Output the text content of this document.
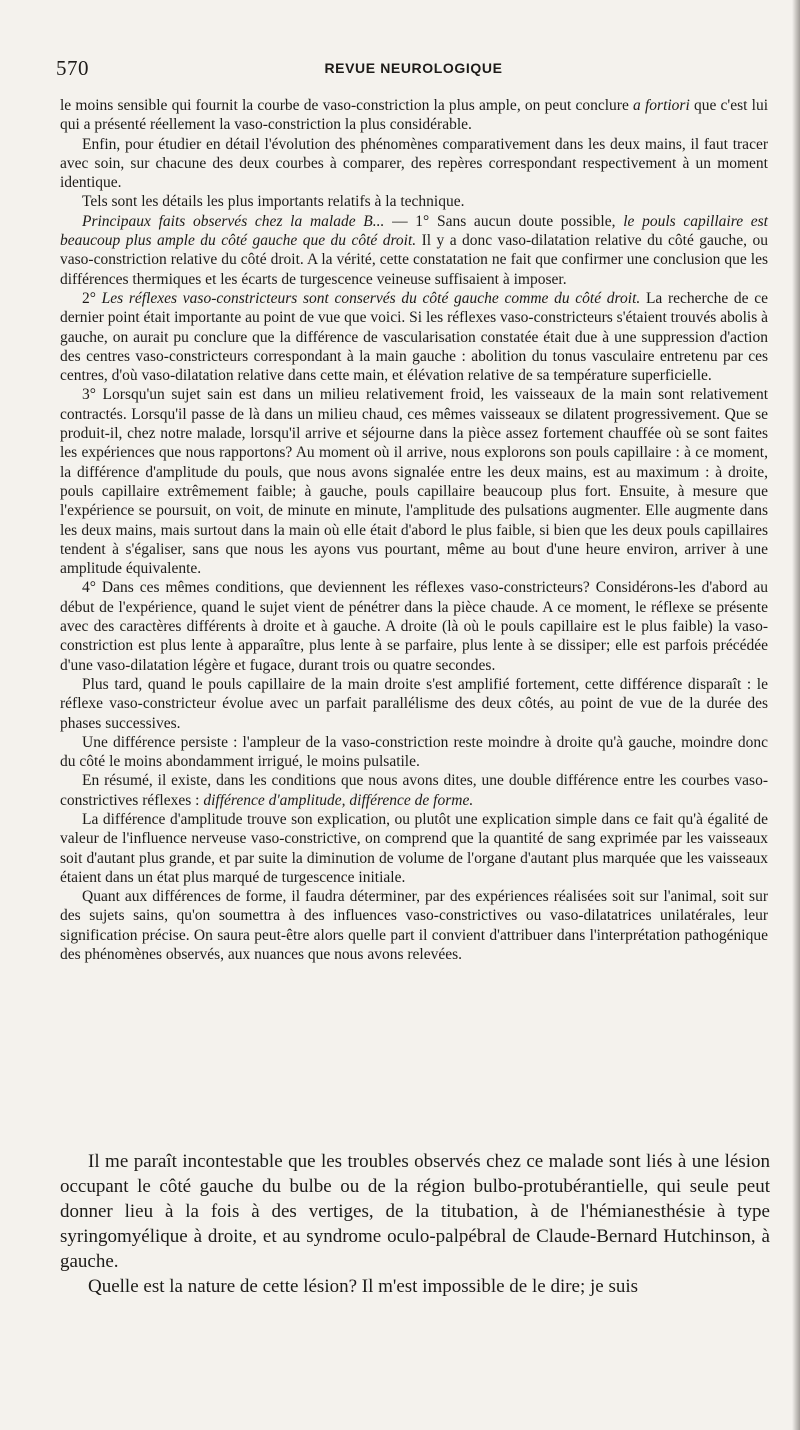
570	REVUE NEUROLOGIQUE

le moins sensible qui fournit la courbe de vaso-constriction la plus ample, on peut conclure a fortiori que c'est lui qui a présenté réellement la vaso-constriction la plus considérable.

Enfin, pour étudier en détail l'évolution des phénomènes comparativement dans les deux mains, il faut tracer avec soin, sur chacune des deux courbes à comparer, des repères correspondant respectivement à un moment identique.

Tels sont les détails les plus importants relatifs à la technique.

Principaux faits observés chez la malade B... — 1° Sans aucun doute possible, le pouls capillaire est beaucoup plus ample du côté gauche que du côté droit. Il y a donc vaso-dilatation relative du côté gauche, ou vaso-constriction relative du côté droit. A la vérité, cette constatation ne fait que confirmer une conclusion que les différences thermiques et les écarts de turgescence veineuse suffisaient à imposer.

2° Les réflexes vaso-constricteurs sont conservés du côté gauche comme du côté droit. La recherche de ce dernier point était importante au point de vue que voici. Si les réflexes vaso-constricteurs s'étaient trouvés abolis à gauche, on aurait pu conclure que la différence de vascularisation constatée était due à une suppression d'action des centres vaso-constricteurs correspondant à la main gauche : abolition du tonus vasculaire entretenu par ces centres, d'où vaso-dilatation relative dans cette main, et élévation relative de sa température superficielle.

3° Lorsqu'un sujet sain est dans un milieu relativement froid, les vaisseaux de la main sont relativement contractés. Lorsqu'il passe de là dans un milieu chaud, ces mêmes vaisseaux se dilatent progressivement. Que se produit-il, chez notre malade, lorsqu'il arrive et séjourne dans la pièce assez fortement chauffée où se sont faites les expériences que nous rapportons? Au moment où il arrive, nous explorons son pouls capillaire : à ce moment, la différence d'amplitude du pouls, que nous avons signalée entre les deux mains, est au maximum : à droite, pouls capillaire extrêmement faible; à gauche, pouls capillaire beaucoup plus fort. Ensuite, à mesure que l'expérience se poursuit, on voit, de minute en minute, l'amplitude des pulsations augmenter. Elle augmente dans les deux mains, mais surtout dans la main où elle était d'abord le plus faible, si bien que les deux pouls capillaires tendent à s'égaliser, sans que nous les ayons vus pourtant, même au bout d'une heure environ, arriver à une amplitude équivalente.

4° Dans ces mêmes conditions, que deviennent les réflexes vaso-constricteurs? Considérons-les d'abord au début de l'expérience, quand le sujet vient de pénétrer dans la pièce chaude. A ce moment, le réflexe se présente avec des caractères différents à droite et à gauche. A droite (là où le pouls capillaire est le plus faible) la vaso-constriction est plus lente à apparaître, plus lente à se parfaire, plus lente à se dissiper; elle est parfois précédée d'une vaso-dilatation légère et fugace, durant trois ou quatre secondes.

Plus tard, quand le pouls capillaire de la main droite s'est amplifié fortement, cette différence disparaît : le réflexe vaso-constricteur évolue avec un parfait parallélisme des deux côtés, au point de vue de la durée des phases successives.

Une différence persiste : l'ampleur de la vaso-constriction reste moindre à droite qu'à gauche, moindre donc du côté le moins abondamment irrigué, le moins pulsatile.

En résumé, il existe, dans les conditions que nous avons dites, une double différence entre les courbes vaso-constrictives réflexes : différence d'amplitude, différence de forme.

La différence d'amplitude trouve son explication, ou plutôt une explication simple dans ce fait qu'à égalité de valeur de l'influence nerveuse vaso-constrictive, on comprend que la quantité de sang exprimée par les vaisseaux soit d'autant plus grande, et par suite la diminution de volume de l'organe d'autant plus marquée que les vaisseaux étaient dans un état plus marqué de turgescence initiale.

Quant aux différences de forme, il faudra déterminer, par des expériences réalisées soit sur l'animal, soit sur des sujets sains, qu'on soumettra à des influences vaso-constrictives ou vaso-dilatatrices unilatérales, leur signification précise. On saura peut-être alors quelle part il convient d'attribuer dans l'interprétation pathogénique des phénomènes observés, aux nuances que nous avons relevées.

Il me paraît incontestable que les troubles observés chez ce malade sont liés à une lésion occupant le côté gauche du bulbe ou de la région bulbo-protubérantielle, qui seule peut donner lieu à la fois à des vertiges, de la titubation, à de l'hémianesthésie à type syringomyélique à droite, et au syndrome oculo-palpébral de Claude-Bernard Hutchinson, à gauche.

Quelle est la nature de cette lésion? Il m'est impossible de le dire; je suis
